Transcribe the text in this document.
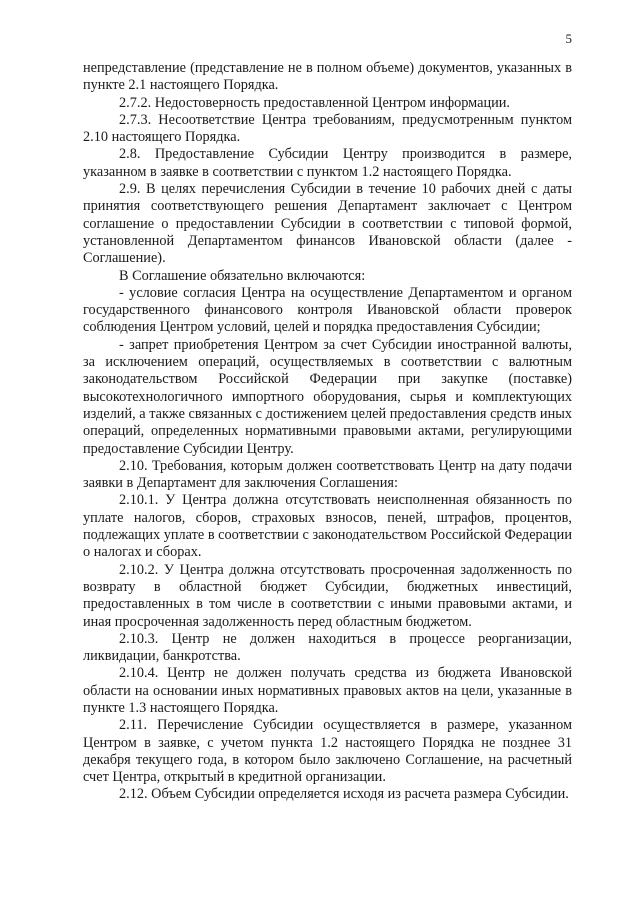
5

непредставление (представление не в полном объеме) документов, указанных в пункте 2.1 настоящего Порядка.

2.7.2. Недостоверность предоставленной Центром информации.

2.7.3. Несоответствие Центра требованиям, предусмотренным пунктом 2.10 настоящего Порядка.

2.8. Предоставление Субсидии Центру производится в размере, указанном в заявке в соответствии с пунктом 1.2 настоящего Порядка.

2.9. В целях перечисления Субсидии в течение 10 рабочих дней с даты принятия соответствующего решения Департамент заключает с Центром соглашение о предоставлении Субсидии в соответствии с типовой формой, установленной Департаментом финансов Ивановской области (далее - Соглашение).

В Соглашение обязательно включаются:

- условие согласия Центра на осуществление Департаментом и органом государственного финансового контроля Ивановской области проверок соблюдения Центром условий, целей и порядка предоставления Субсидии;

- запрет приобретения Центром за счет Субсидии иностранной валюты, за исключением операций, осуществляемых в соответствии с валютным законодательством Российской Федерации при закупке (поставке) высокотехнологичного импортного оборудования, сырья и комплектующих изделий, а также связанных с достижением целей предоставления средств иных операций, определенных нормативными правовыми актами, регулирующими предоставление Субсидии Центру.

2.10. Требования, которым должен соответствовать Центр на дату подачи заявки в Департамент для заключения Соглашения:

2.10.1. У Центра должна отсутствовать неисполненная обязанность по уплате налогов, сборов, страховых взносов, пеней, штрафов, процентов, подлежащих уплате в соответствии с законодательством Российской Федерации о налогах и сборах.

2.10.2. У Центра должна отсутствовать просроченная задолженность по возврату в областной бюджет Субсидии, бюджетных инвестиций, предоставленных в том числе в соответствии с иными правовыми актами, и иная просроченная задолженность перед областным бюджетом.

2.10.3. Центр не должен находиться в процессе реорганизации, ликвидации, банкротства.

2.10.4. Центр не должен получать средства из бюджета Ивановской области на основании иных нормативных правовых актов на цели, указанные в пункте 1.3 настоящего Порядка.

2.11. Перечисление Субсидии осуществляется в размере, указанном Центром в заявке, с учетом пункта 1.2 настоящего Порядка не позднее 31 декабря текущего года, в котором было заключено Соглашение, на расчетный счет Центра, открытый в кредитной организации.

2.12. Объем Субсидии определяется исходя из расчета размера Субсидии.
